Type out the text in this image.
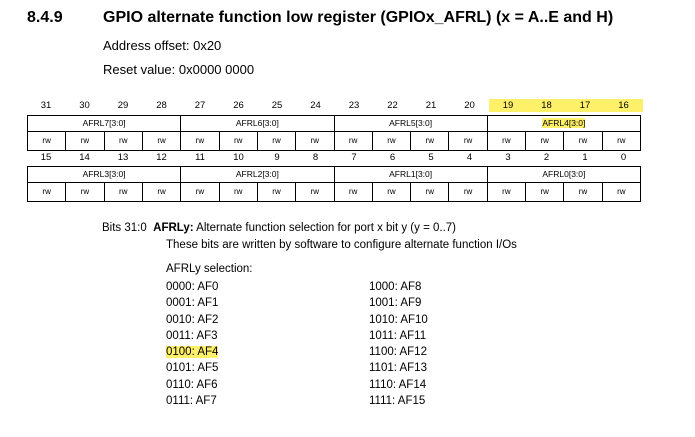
8.4.9	GPIO alternate function low register (GPIOx_AFRL) (x = A..E and H)
Address offset: 0x20
Reset value: 0x0000 0000
31	30	29	28	27	26	25	24	23	22	21	20	19	18	17	16
AFRL7[3:0]				AFRL6[3:0]				AFRL5[3:0]				AFRL4[3:0]			
rw	rw	rw	rw	rw	rw	rw	rw	rw	rw	rw	rw	rw	rw	rw	rw
15	14	13	12	11	10	9	8	7	6	5	4	3	2	1	0
AFRL3[3:0]				AFRL2[3:0]				AFRL1[3:0]				AFRL0[3:0]			
rw	rw	rw	rw	rw	rw	rw	rw	rw	rw	rw	rw	rw	rw	rw	rw
Bits 31:0 AFRLy: Alternate function selection for port x bit y (y = 0..7)
These bits are written by software to configure alternate function I/Os
AFRLy selection:
0000: AF0
0001: AF1
0010: AF2
0011: AF3
0100: AF4
0101: AF5
0110: AF6
0111: AF7
1000: AF8
1001: AF9
1010: AF10
1011: AF11
1100: AF12
1101: AF13
1110: AF14
1111: AF15
